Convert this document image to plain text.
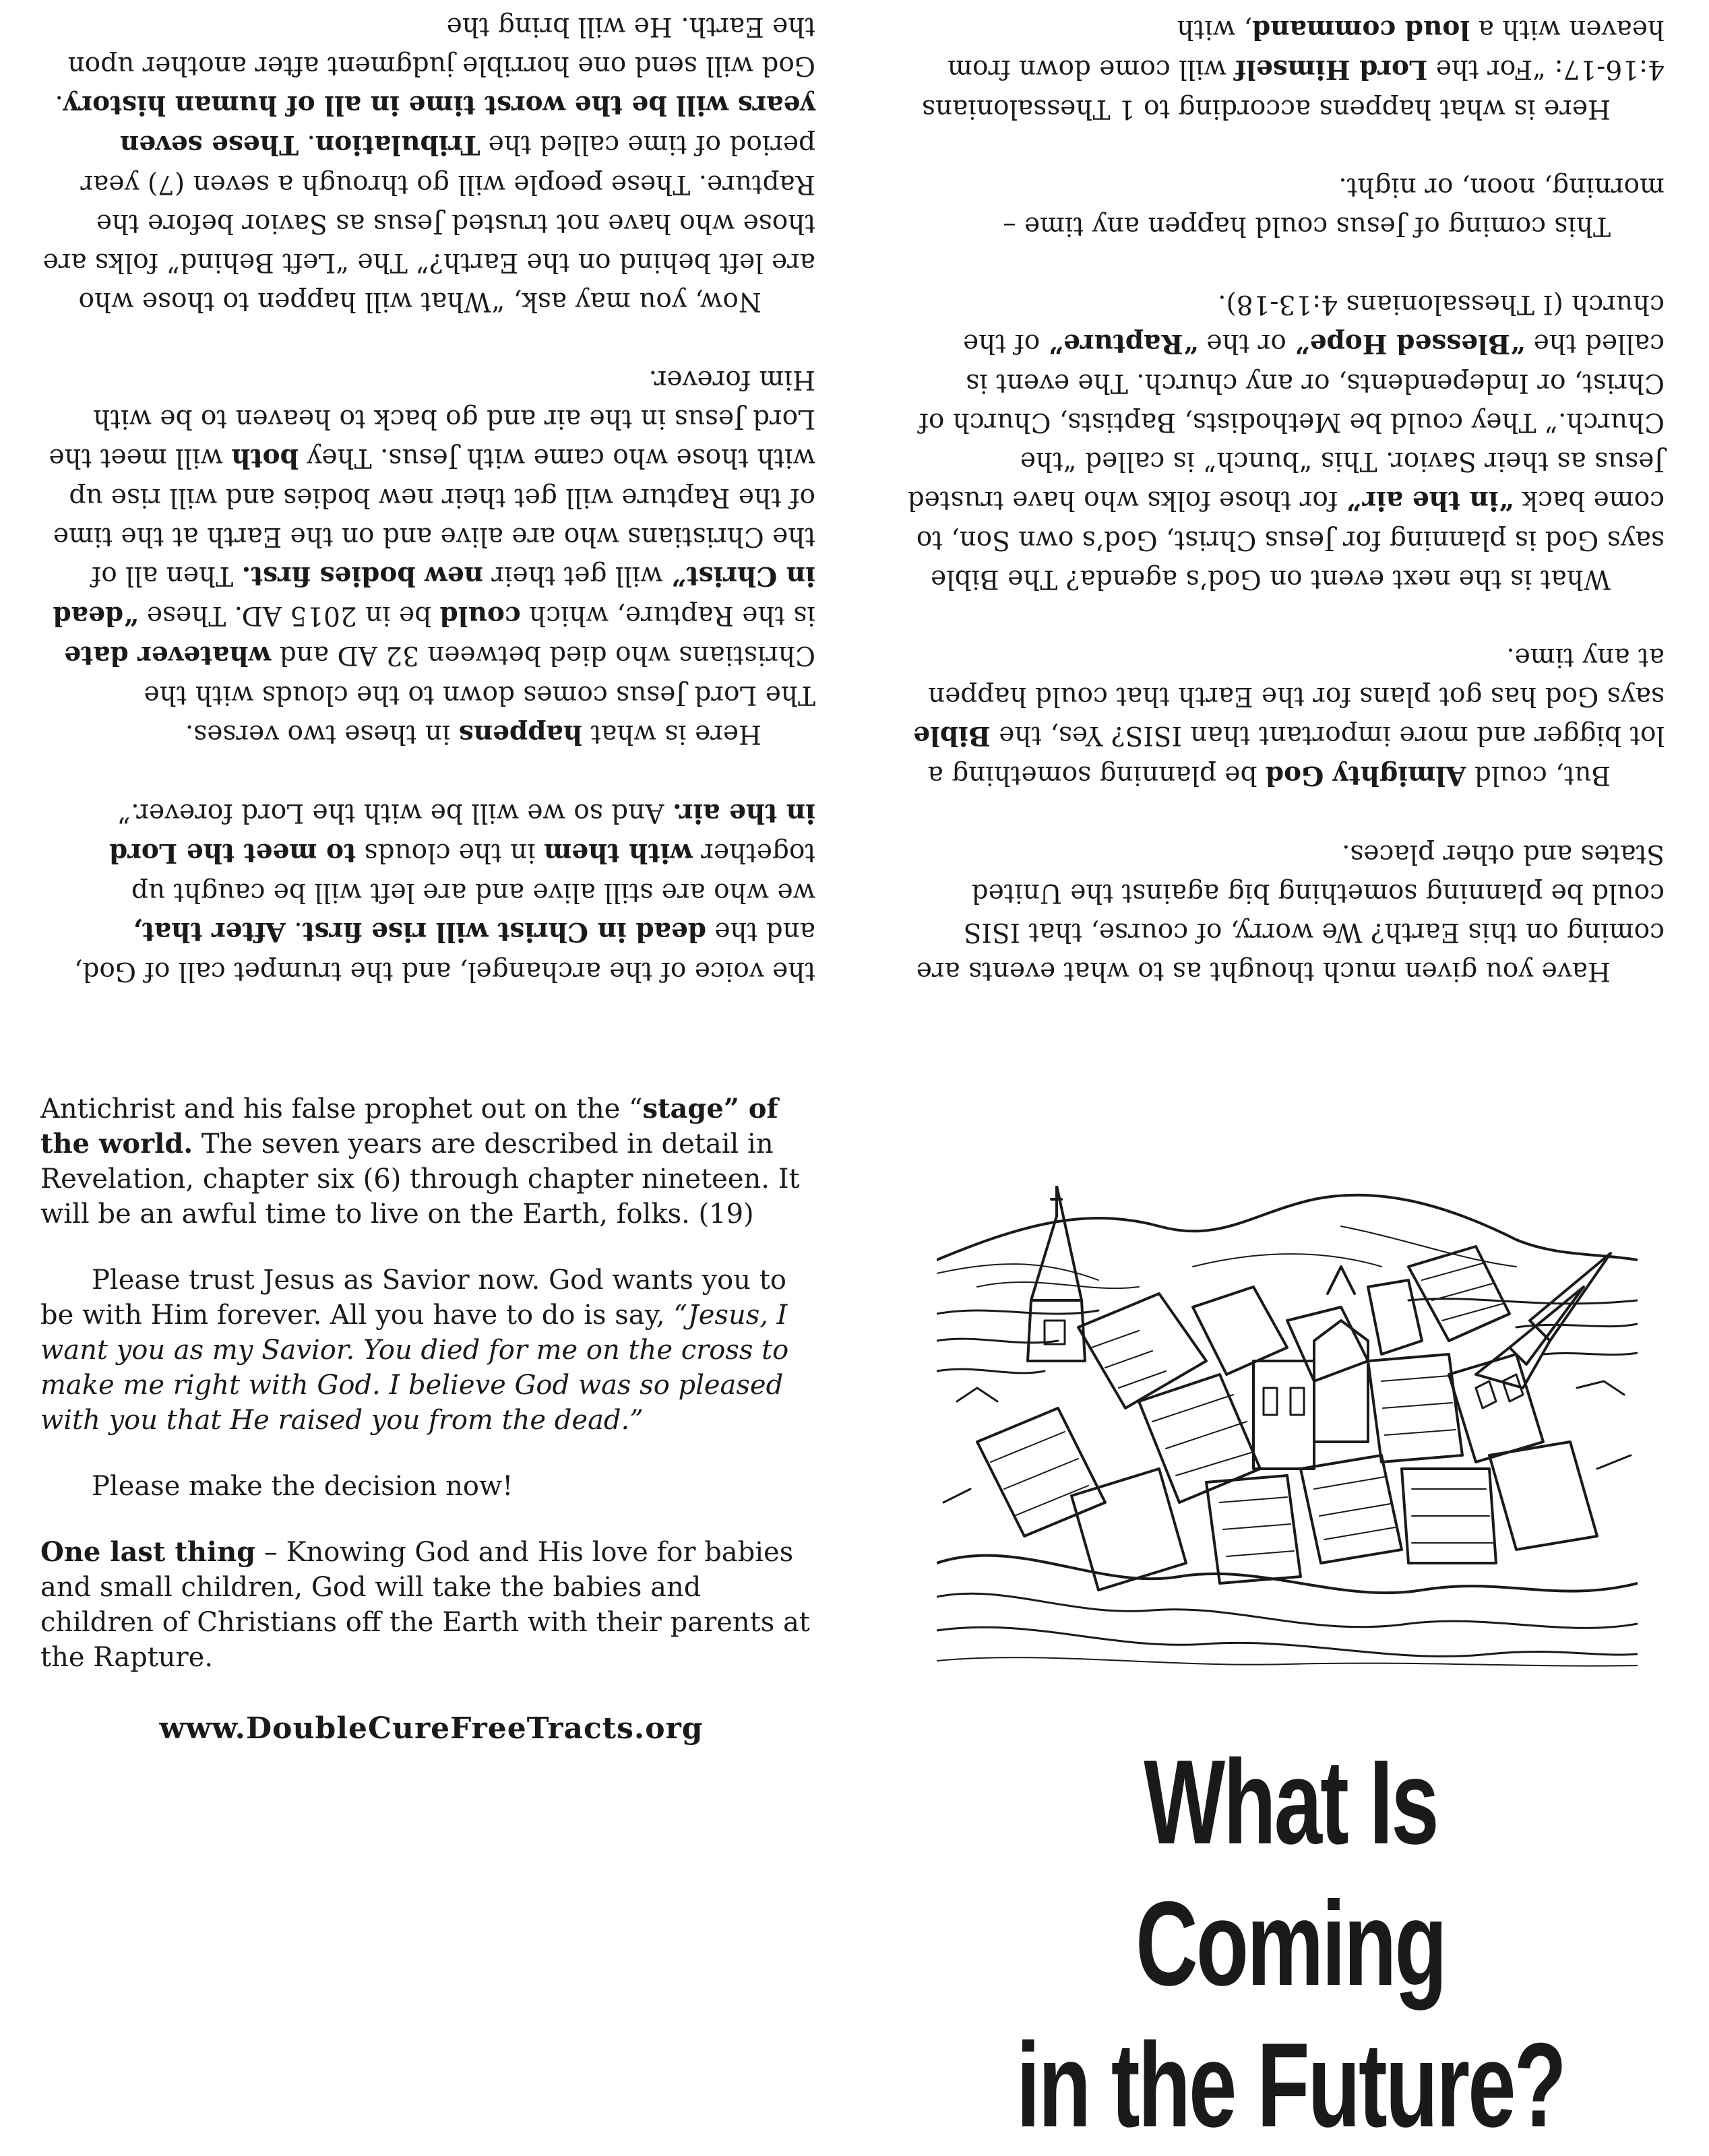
the voice of the archangel, and the trumpet call of God,

and the dead in Christ will rise first. After that,

we who are still alive and are left will be caught up

together with them in the clouds to meet the Lord

in the air. And so we will be with the Lord forever.”

Here is what happens in these two verses.

The Lord Jesus comes down to the clouds with the Christians who died between 32 AD and whatever date is the Rapture, which could be in 2015 AD. These “dead in Christ” will get their new bodies first. Then all of the Christians who are alive and on the Earth at the time of the Rapture will get their new bodies and will rise up with those who came with Jesus. They both will meet the Lord Jesus in the air and go back to heaven to be with Him forever.

Now, you may ask, “What will happen to those who are left behind on the Earth?” The “Left Behind” folks are those who have not trusted Jesus as Savior before the Rapture. These people will go through a seven (7) year period of time called the Tribulation. These seven years will be the worst time in all of human history. God will send one horrible judgment after another upon the Earth. He will bring the

Have you given much thought as to what events are coming on this Earth? We worry, of course, that ISIS could be planning something big against the United States and other places.

But, could Almighty God be planning something a lot bigger and more important than ISIS? Yes, the Bible says God has got plans for the Earth that could happen at any time.

What is the next event on God’s agenda? The Bible says God is planning for Jesus Christ, God’s own Son, to come back “in the air” for those folks who have trusted Jesus as their Savior. This “bunch” is called “the Church.” They could be Methodists, Baptists, Church of Christ, or Independents, or any church. The event is called the “Blessed Hope” or the “Rapture” of the church (I Thessalonians 4:13-18).

This coming of Jesus could happen any time – morning, noon, or night.

Here is what happens according to 1 Thessalonians 4:16-17: “For the Lord Himself will come down from heaven with a loud command, with

Antichrist and his false prophet out on the “stage” of the world. The seven years are described in detail in Revelation, chapter six (6) through chapter nineteen. It will be an awful time to live on the Earth, folks. (19)

Please trust Jesus as Savior now. God wants you to be with Him forever. All you have to do is say, “Jesus, I want you as my Savior. You died for me on the cross to make me right with God. I believe God was so pleased with you that He raised you from the dead.”

Please make the decision now!

One last thing – Knowing God and His love for babies and small children, God will take the babies and children of Christians off the Earth with their parents at the Rapture.

www.DoubleCureFreeTracts.org
What Is Coming
in the Future?
